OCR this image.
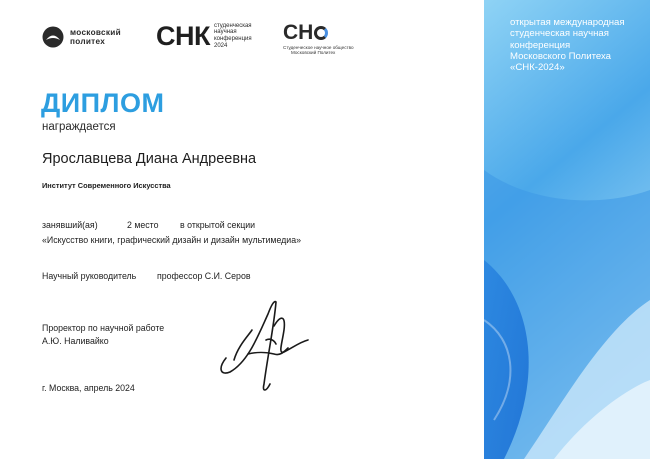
московский
политех	СНК студенческая
научная
конференция
2024
СН
Студенческое научное общество
Московский Политех
ДИПЛОМ
награждается
Ярославцева Диана Андреевна
Институт Современного Искусства
занявший(ая)	2 место в открытой секции
«Искусство книги, графический дизайн и дизайн мультимедиа»
Научный руководитель профессор С.И. Серов
Проректор по научной работе
А.Ю. Наливайко
г. Москва, апрель 2024
открытая международная
студенческая научная
конференция
Московского Политеха
«СНК-2024»
